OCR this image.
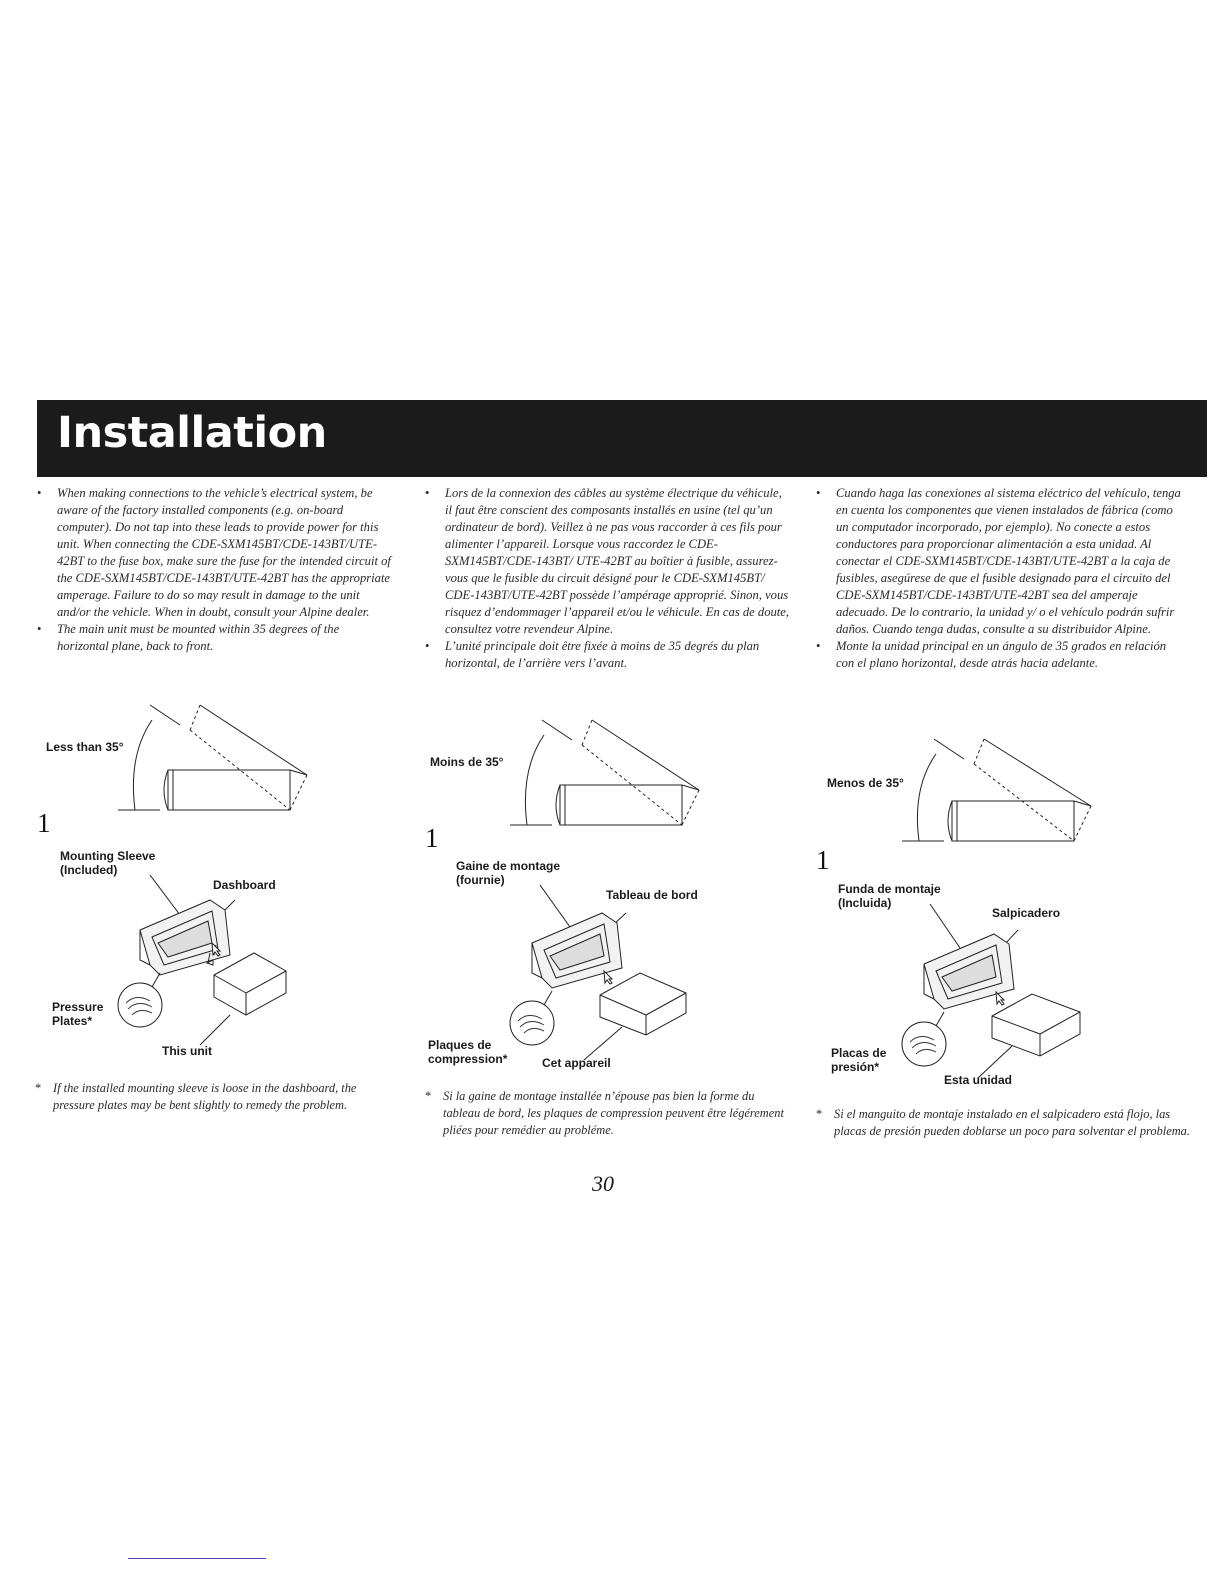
Installation
• When making connections to the vehicle’s electrical system, be aware of the factory installed components (e.g. on-board computer). Do not tap into these leads to provide power for this unit. When connecting the CDE-SXM145BT/CDE-143BT/UTE-42BT to the fuse box, make sure the fuse for the intended circuit of the CDE-SXM145BT/CDE-143BT/UTE-42BT has the appropriate amperage. Failure to do so may result in damage to the unit and/or the vehicle. When in doubt, consult your Alpine dealer.
• The main unit must be mounted within 35 degrees of the horizontal plane, back to front.
Less than 35°
1
Mounting Sleeve
(Included)
Dashboard
Pressure
Plates*
This unit
* If the installed mounting sleeve is loose in the dashboard, the pressure plates may be bent slightly to remedy the problem.
• Lors de la connexion des câbles au système électrique du véhicule, il faut être conscient des composants installés en usine (tel qu’un ordinateur de bord). Veillez à ne pas vous raccorder à ces fils pour alimenter l’appareil. Lorsque vous raccordez le CDE-SXM145BT/CDE-143BT/ UTE-42BT au boîtier à fusible, assurez-vous que le fusible du circuit désigné pour le CDE-SXM145BT/ CDE-143BT/UTE-42BT possède l’ampérage approprié. Sinon, vous risquez d’endommager l’appareil et/ou le véhicule. En cas de doute, consultez votre revendeur Alpine.
• L’unité principale doit être fixée à moins de 35 degrés du plan horizontal, de l’arrière vers l’avant.
Moins de 35°
1
Gaine de montage
(fournie)
Tableau de bord
Plaques de
compression*	Cet appareil
* Si la gaine de montage installée n’épouse pas bien la forme du tableau de bord, les plaques de compression peuvent être légérement pliées pour remédier au probléme.
• Cuando haga las conexiones al sistema eléctrico del vehículo, tenga en cuenta los componentes que vienen instalados de fábrica (como un computador incorporado, por ejemplo). No conecte a estos conductores para proporcionar alimentación a esta unidad. Al conectar el CDE-SXM145BT/CDE-143BT/UTE-42BT a la caja de fusibles, asegúrese de que el fusible designado para el circuito del CDE-SXM145BT/CDE-143BT/UTE-42BT sea del amperaje adecuado. De lo contrario, la unidad y/ o el vehículo podrán sufrir daños. Cuando tenga dudas, consulte a su distribuidor Alpine.
• Monte la unidad principal en un ángulo de 35 grados en relación con el plano horizontal, desde atrás hacia adelante.
Menos de 35°
1
Funda de montaje
(Incluida)
Salpicadero
Placas de
presión*
Esta unidad
* Si el manguito de montaje instalado en el salpicadero está flojo, las placas de presión pueden doblarse un poco para solventar el problema.
30
